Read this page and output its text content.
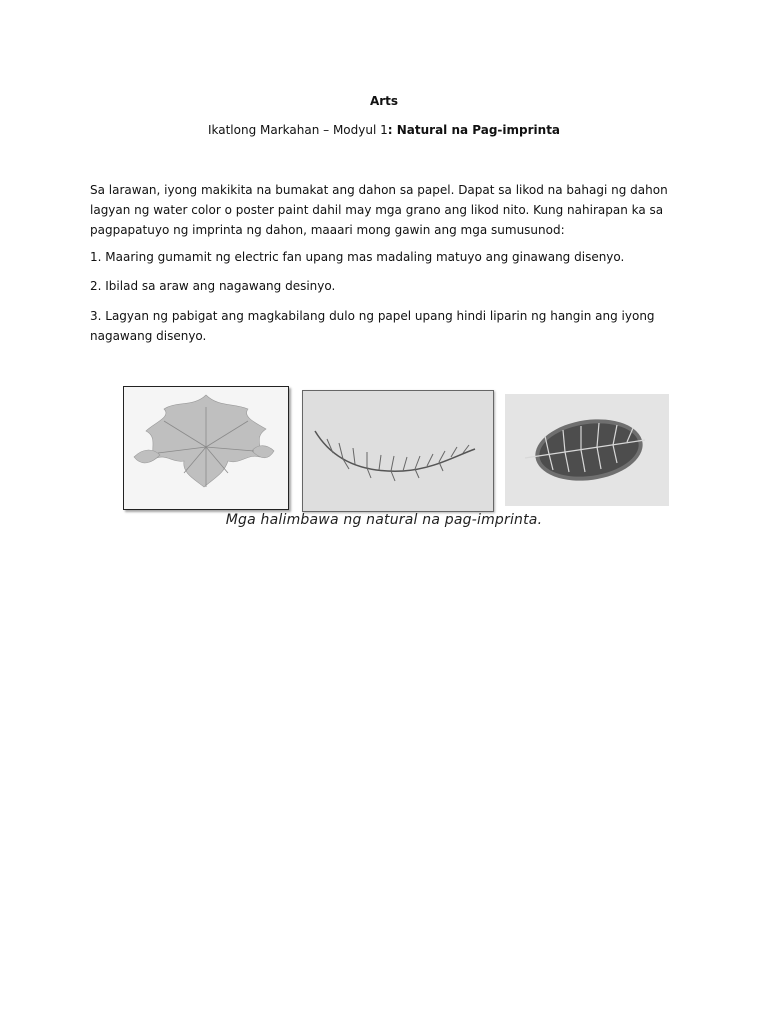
Arts
Ikatlong Markahan – Modyul 1: Natural na Pag-imprinta
Sa larawan, iyong makikita na bumakat ang dahon sa papel. Dapat sa likod na bahagi ng dahon lagyan ng water color o poster paint dahil may mga grano ang likod nito. Kung nahirapan ka sa pagpapatuyo ng imprinta ng dahon, maaari mong gawin ang mga sumusunod:
1. Maaring gumamit ng electric fan upang mas madaling matuyo ang ginawang disenyo.
2. Ibilad sa araw ang nagawang desinyo.
3. Lagyan ng pabigat ang magkabilang dulo ng papel upang hindi liparin ng hangin ang iyong nagawang disenyo.
Mga halimbawa ng natural na pag-imprinta.
